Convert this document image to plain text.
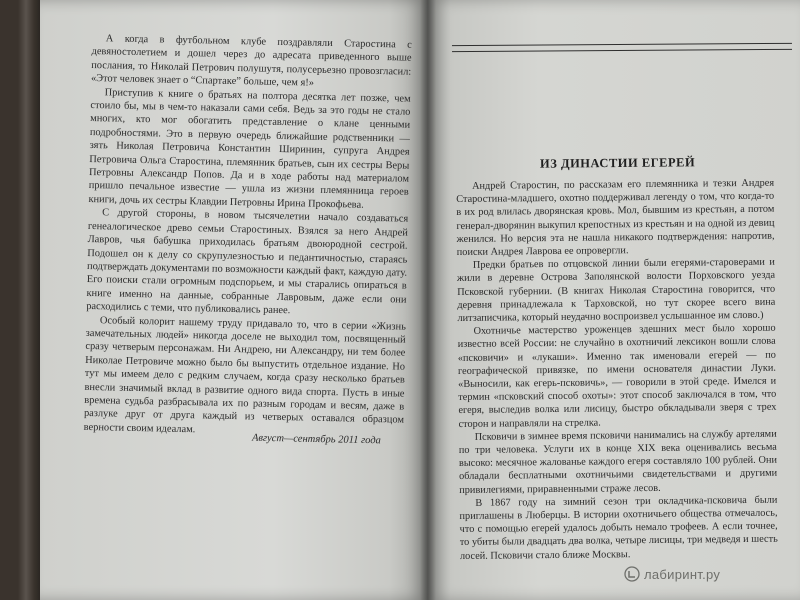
А когда в футбольном клубе поздравляли Старостина с девяностолетием и дошел через до адресата приведенного выше послания, то Николай Петрович полушутя, полусерьезно провозгласил: «Этот человек знает о “Спартаке” больше, чем я!»

Приступив к книге о братьях на полтора десятка лет позже, чем стоило бы, мы в чем-то наказали сами себя. Ведь за это годы не стало многих, кто мог обогатить представление о клане ценными подробностями. Это в первую очередь ближайшие родственники — зять Николая Петровича Константин Ширинин, супруга Андрея Петровича Ольга Старостина, племянник братьев, сын их сестры Веры Петровны Александр Попов. Да и в ходе работы над материалом пришло печальное известие — ушла из жизни племянница героев книги, дочь их сестры Клавдии Петровны Ирина Прокофьева.

С другой стороны, в новом тысячелетии начало создаваться генеалогическое древо семьи Старостиных. Взялся за него Андрей Лавров, чья бабушка приходилась братьям двоюродной сестрой. Подошел он к делу со скрупулезностью и педантичностью, стараясь подтверждать документами по возможности каждый факт, каждую дату. Его поиски стали огромным подспорьем, и мы старались опираться в книге именно на данные, собранные Лавровым, даже если они расходились с теми, что публиковались ранее.

Особый колорит нашему труду придавало то, что в серии «Жизнь замечательных людей» никогда доселе не выходил том, посвященный сразу четверым персонажам. Ни Андрею, ни Александру, ни тем более Николае Петровиче можно было бы выпустить отдельное издание. Но тут мы имеем дело с редким случаем, когда сразу несколько братьев внесли значимый вклад в развитие одного вида спорта. Пусть в иные времена судьба разбрасывала их по разным городам и весям, даже в разлуке друг от друга каждый из четверых оставался образцом верности своим идеалам.

Август—сентябрь 2011 года
ИЗ ДИНАСТИИ ЕГЕРЕЙ

Андрей Старостин, по рассказам его племянника и тезки Андрея Старостина-младшего, охотно поддерживал легенду о том, что когда-то в их род влилась дворянская кровь. Мол, бывшим из крестьян, а потом генерал-дворянин выкупил крепостных из крестьян и на одной из девиц женился. Но версия эта не нашла никакого подтверждения: напротив, поиски Андрея Лаврова ее опровергли.

Предки братьев по отцовской линии были егерями-староверами и жили в деревне Острова Заполянской волости Порховского уезда Псковской губернии. (В книгах Николая Старостина говорится, что деревня принадлежала к Тарховской, но тут скорее всего вина литзаписчика, который неудачно воспроизвел услышанное им слово.)

Охотничье мастерство уроженцев здешних мест было хорошо известно всей России: не случайно в охотничий лексикон вошли слова «псковичи» и «лукаши». Именно так именовали егерей — по географической привязке, по имени основателя династии Луки. «Выносили, как егерь-псковичь», — говорили в этой среде. Имелся и термин «псковский способ охоты»: этот способ заключался в том, что егеря, выследив волка или лисицу, быстро обкладывали зверя с трех сторон и направляли на стрелка.

Псковичи в зимнее время псковичи нанимались на службу артелями по три человека. Услуги их в конце XIX века оценивались весьма высоко: месячное жалованье каждого егеря составляло 100 рублей. Они обладали бесплатными охотничьими свидетельствами и другими привилегиями, приравненными страже лесов.

В 1867 году на зимний сезон три окладчика-псковича были приглашены в Люберцы. В истории охотничьего общества отмечалось, что с помощью егерей удалось добыть немало трофеев. А если точнее, то убиты были двадцать два волка, четыре лисицы, три медведя и шесть лосей. Псковичи стало ближе Москвы.

лабиринт.ру
